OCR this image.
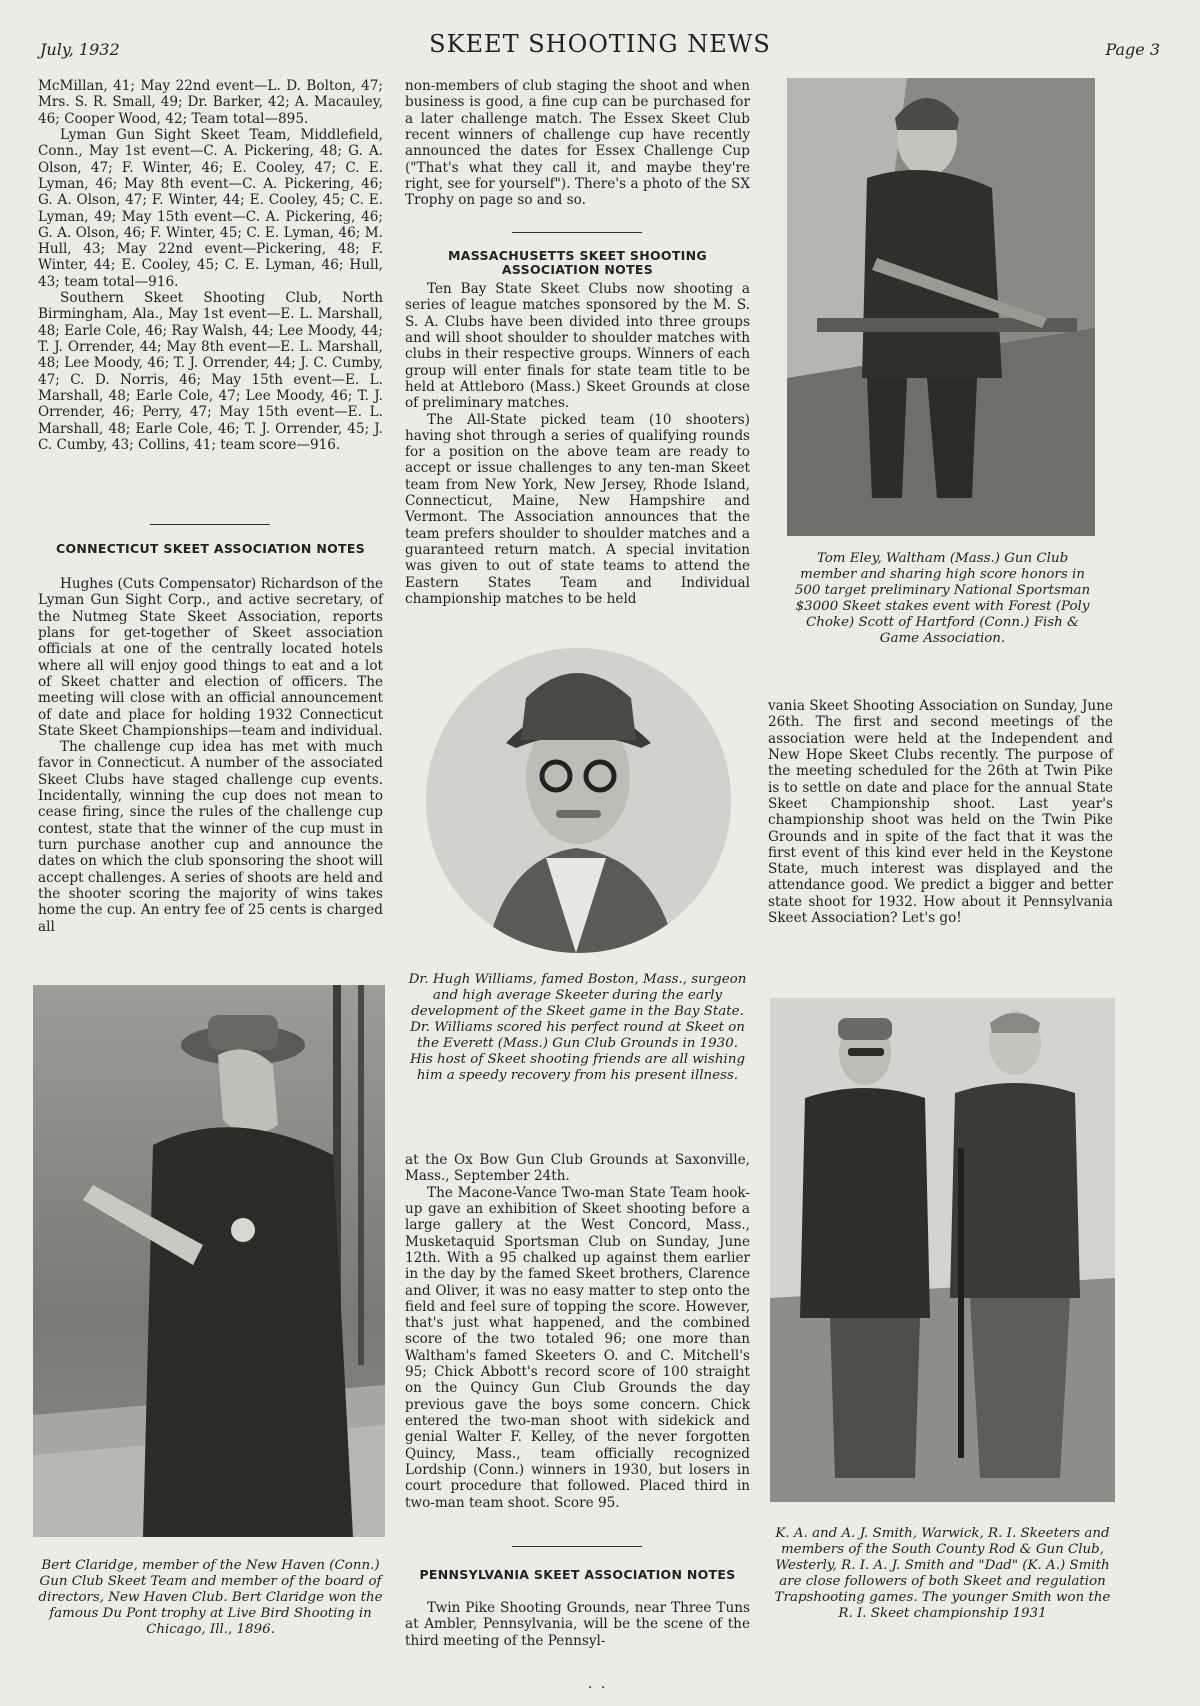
July, 1932	SKEET SHOOTING NEWS	Page 3

McMillan, 41; May 22nd event—L. D. Bolton, 47; Mrs. S. R. Small, 49; Dr. Barker, 42; A. Macauley, 46; Cooper Wood, 42; Team total—895.

Lyman Gun Sight Skeet Team, Middlefield, Conn., May 1st event—C. A. Pickering, 48; G. A. Olson, 47; F. Winter, 46; E. Cooley, 47; C. E. Lyman, 46; May 8th event—C. A. Pickering, 46; G. A. Olson, 47; F. Winter, 44; E. Cooley, 45; C. E. Lyman, 49; May 15th event—C. A. Pickering, 46; G. A. Olson, 46; F. Winter, 45; C. E. Lyman, 46; M. Hull, 43; May 22nd event—Pickering, 48; F. Winter, 44; E. Cooley, 45; C. E. Lyman, 46; Hull, 43; team total—916.

Southern Skeet Shooting Club, North Birmingham, Ala., May 1st event—E. L. Marshall, 48; Earle Cole, 46; Ray Walsh, 44; Lee Moody, 44; T. J. Orrender, 44; May 8th event—E. L. Marshall, 48; Lee Moody, 46; T. J. Orrender, 44; J. C. Cumby, 47; C. D. Norris, 46; May 15th event—E. L. Marshall, 48; Earle Cole, 47; Lee Moody, 46; T. J. Orrender, 46; Perry, 47; May 15th event—E. L. Marshall, 48; Earle Cole, 46; T. J. Orrender, 45; J. C. Cumby, 43; Collins, 41; team score—916.

CONNECTICUT SKEET ASSOCIATION NOTES

Hughes (Cuts Compensator) Richardson of the Lyman Gun Sight Corp., and active secretary, of the Nutmeg State Skeet Association, reports plans for get-together of Skeet association officials at one of the centrally located hotels where all will enjoy good things to eat and a lot of Skeet chatter and election of officers. The meeting will close with an official announcement of date and place for holding 1932 Connecticut State Skeet Championships—team and individual.

The challenge cup idea has met with much favor in Connecticut. A number of the associated Skeet Clubs have staged challenge cup events. Incidentally, winning the cup does not mean to cease firing, since the rules of the challenge cup contest, state that the winner of the cup must in turn purchase another cup and announce the dates on which the club sponsoring the shoot will accept challenges. A series of shoots are held and the shooter scoring the majority of wins takes home the cup. An entry fee of 25 cents is charged all

Bert Claridge, member of the New Haven (Conn.) Gun Club Skeet Team and member of the board of directors, New Haven Club. Bert Claridge won the famous Du Pont trophy at Live Bird Shooting in Chicago, Ill., 1896.

non-members of club staging the shoot and when business is good, a fine cup can be purchased for a later challenge match. The Essex Skeet Club recent winners of challenge cup have recently announced the dates for Essex Challenge Cup ("That's what they call it, and maybe they're right, see for yourself"). There's a photo of the SX Trophy on page so and so.

MASSACHUSETTS SKEET SHOOTING ASSOCIATION NOTES

Ten Bay State Skeet Clubs now shooting a series of league matches sponsored by the M. S. S. A. Clubs have been divided into three groups and will shoot shoulder to shoulder matches with clubs in their respective groups. Winners of each group will enter finals for state team title to be held at Attleboro (Mass.) Skeet Grounds at close of preliminary matches.

The All-State picked team (10 shooters) having shot through a series of qualifying rounds for a position on the above team are ready to accept or issue challenges to any ten-man Skeet team from New York, New Jersey, Rhode Island, Connecticut, Maine, New Hampshire and Vermont. The Association announces that the team prefers shoulder to shoulder matches and a guaranteed return match. A special invitation was given to out of state teams to attend the Eastern States Team and Individual championship matches to be held

Dr. Hugh Williams, famed Boston, Mass., surgeon and high average Skeeter during the early development of the Skeet game in the Bay State. Dr. Williams scored his perfect round at Skeet on the Everett (Mass.) Gun Club Grounds in 1930. His host of Skeet shooting friends are all wishing him a speedy recovery from his present illness.

at the Ox Bow Gun Club Grounds at Saxonville, Mass., September 24th.

The Macone-Vance Two-man State Team hook-up gave an exhibition of Skeet shooting before a large gallery at the West Concord, Mass., Musketaquid Sportsman Club on Sunday, June 12th. With a 95 chalked up against them earlier in the day by the famed Skeet brothers, Clarence and Oliver, it was no easy matter to step onto the field and feel sure of topping the score. However, that's just what happened, and the combined score of the two totaled 96; one more than Waltham's famed Skeeters O. and C. Mitchell's 95; Chick Abbott's record score of 100 straight on the Quincy Gun Club Grounds the day previous gave the boys some concern. Chick entered the two-man shoot with sidekick and genial Walter F. Kelley, of the never forgotten Quincy, Mass., team officially recognized Lordship (Conn.) winners in 1930, but losers in court procedure that followed. Placed third in two-man team shoot. Score 95.

PENNSYLVANIA SKEET ASSOCIATION NOTES

Twin Pike Shooting Grounds, near Three Tuns at Ambler, Pennsylvania, will be the scene of the third meeting of the Pennsyl-

Tom Eley, Waltham (Mass.) Gun Club member and sharing high score honors in 500 target preliminary National Sportsman $3000 Skeet stakes event with Forest (Poly Choke) Scott of Hartford (Conn.) Fish & Game Association.

vania Skeet Shooting Association on Sunday, June 26th. The first and second meetings of the association were held at the Independent and New Hope Skeet Clubs recently. The purpose of the meeting scheduled for the 26th at Twin Pike is to settle on date and place for the annual State Skeet Championship shoot. Last year's championship shoot was held on the Twin Pike Grounds and in spite of the fact that it was the first event of this kind ever held in the Keystone State, much interest was displayed and the attendance good. We predict a bigger and better state shoot for 1932. How about it Pennsylvania Skeet Association? Let's go!

K. A. and A. J. Smith, Warwick, R. I. Skeeters and members of the South County Rod & Gun Club, Westerly, R. I. A. J. Smith and "Dad" (K. A.) Smith are close followers of both Skeet and regulation Trapshooting games. The younger Smith won the R. I. Skeet championship 1931
. .
